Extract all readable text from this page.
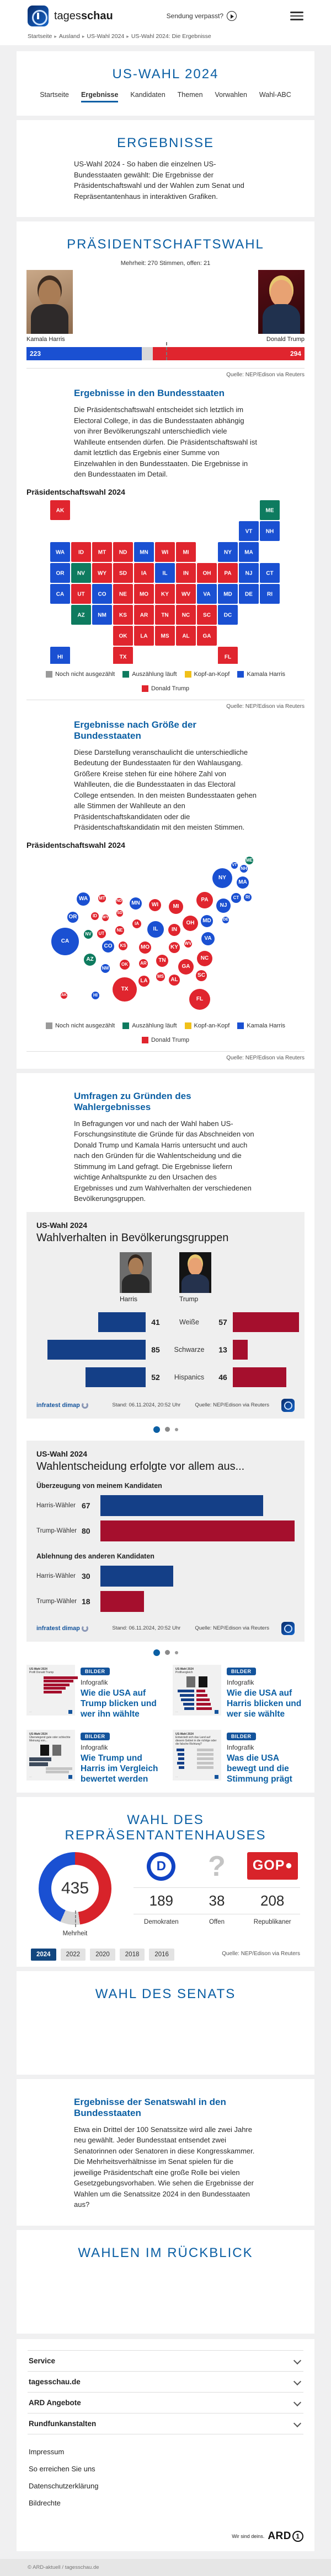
tagesschau	Sendung verpasst?
Startseite ▸ Ausland ▸ US-Wahl 2024 ▸ US-Wahl 2024: Die Ergebnisse
US-WAHL 2024
Startseite Ergebnisse Kandidaten Themen Vorwahlen Wahl-ABC
ERGEBNISSE

US-Wahl 2024 - So haben die einzelnen US-Bundesstaaten gewählt: Die Ergebnisse der Präsidentschaftswahl und der Wahlen zum Senat und Repräsentantenhaus in interaktiven Grafiken.

PRÄSIDENTSCHAFTSWAHL
Mehrheit: 270 Stimmen, offen: 21
Kamala Harris	Donald Trump
223	294
Quelle: NEP/Edison via Reuters
Ergebnisse in den Bundesstaaten

Die Präsidentschaftswahl entscheidet sich letztlich im Electoral College, in das die Bundesstaaten abhängig von ihrer Bevölkerungszahl unterschiedlich viele Wahlleute entsenden dürfen. Die Präsidentschaftswahl ist damit letztlich das Ergebnis einer Summe von Einzelwahlen in den Bundesstaaten. Die Ergebnisse in den Bundesstaaten im Detail.

Präsidentschaftswahl 2024
AK	ME
VT NH
WA ID	MT ND MN WI	MI	NY MA
OR NV WY SD	IA	IL	IN	OH PA	NJ CT
CA UT CO NE MO KY WV VA MD DE	RI
AZ NM KS AR TN NC SC DC
OK LA MS AL GA
HI	TX	FL
Noch nicht ausgezählt	Auszählung läuft	Kopf-an-Kopf	Kamala Harris
Donald Trump
Quelle: NEP/Edison via Reuters
Ergebnisse nach Größe der Bundesstaaten

Diese Darstellung veranschaulicht die unterschiedliche Bedeutung der Bundesstaaten für den Wahlausgang. Größere Kreise stehen für eine höhere Zahl von Wahlleuten, die die Bundesstaaten in das Electoral College entsenden. In den meisten Bundesstaaten gehen alle Stimmen der Wahlleute an den Präsidentschaftskandidaten oder die Präsidentschaftskandidatin mit den meisten Stimmen.

Präsidentschaftswahl 2024
ME
VT
NH
NY
MA
CT	RI
WA	MT
ND	MN	WI	MI
PA
NJ
OR	ID	WY
SD
IA	OH	MD	DE
CA
NV	UT
NE	IL	IN
VA
WV
CO	KS	MO	KY
NC
AZ
NM
OK	AR	TN
GA
SC
MS
AL
TX
LA
AK	HI
FL
Noch nicht ausgezählt	Auszählung läuft	Kopf-an-Kopf	Kamala Harris
Donald Trump
Quelle: NEP/Edison via Reuters
Umfragen zu Gründen des Wahlergebnisses

In Befragungen vor und nach der Wahl haben US-Forschungsinstitute die Gründe für das Abschneiden von Donald Trump und Kamala Harris untersucht und auch nach den Gründen für die Wahlentscheidung und die Stimmung im Land gefragt. Die Ergebnisse liefern wichtige Anhaltspunkte zu den Ursachen des Ergebnisses und zum Wahlverhalten der verschiedenen Bevölkerungsgruppen.

US-Wahl 2024
Wahlverhalten in Bevölkerungsgruppen
Harris	Trump
41	Weiße	57
85	Schwarze	13
52	Hispanics	46
infratest dimap	Stand: 06.11.2024, 20:52 Uhr	Quelle: NEP/Edison via Reuters
US-Wahl 2024
Wahlentscheidung erfolgte vor allem aus...
Überzeugung von meinem Kandidaten
Harris-Wähler 67
Trump-Wähler 80
Ablehnung des anderen Kandidaten
Harris-Wähler 30
Trump-Wähler 18
infratest dimap	Stand: 06.11.2024, 20:52 Uhr	Quelle: NEP/Edison via Reuters
US-Wahl 2024
Profil Donald Trump
···
BILDER
Infografik
Wie die USA auf Trump blicken und wer ihn wählte
US-Wahl 2024
Profilvergleich
···
BILDER
Infografik
Wie die USA auf Harris blicken und wer sie wählte
US-Wahl 2024
Überwiegend gute oder schlechte Meinung von...
···
BILDER
Infografik
Wie Trump und Harris im Vergleich bewertet werden
US-Wahl 2024
Entwickelt sich das Land auf diesem Gebiet in die richtige oder die falsche Richtung?
···
BILDER
Infografik
Was die USA bewegt und die Stimmung prägt
WAHL DES REPRÄSENTANTENHAUSES
435
Mehrheit
D	?	GOP ⬤
189	38	208
Demokraten	Offen	Republikaner
2024 2022 2020 2018 2016	Quelle: NEP/Edison via Reuters
WAHL DES SENATS
Ergebnisse der Senatswahl in den Bundesstaaten

Etwa ein Drittel der 100 Senatssitze wird alle zwei Jahre neu gewählt. Jeder Bundesstaat entsendet zwei Senatorinnen oder Senatoren in diese Kongresskammer. Die Mehrheitsverhältnisse im Senat spielen für die jeweilige Präsidentschaft eine große Rolle bei vielen Gesetzgebungsvorhaben. Wie sehen die Ergebnisse der Wahlen um die Senatssitze 2024 in den Bundesstaaten aus?

WAHLEN IM RÜCKBLICK
Service
tagesschau.de
ARD Angebote
Rundfunkanstalten
Impressum
So erreichen Sie uns
Datenschutzerklärung
Bildrechte
Wir sind deins. ARD 1
© ARD-aktuell / tagesschau.de
